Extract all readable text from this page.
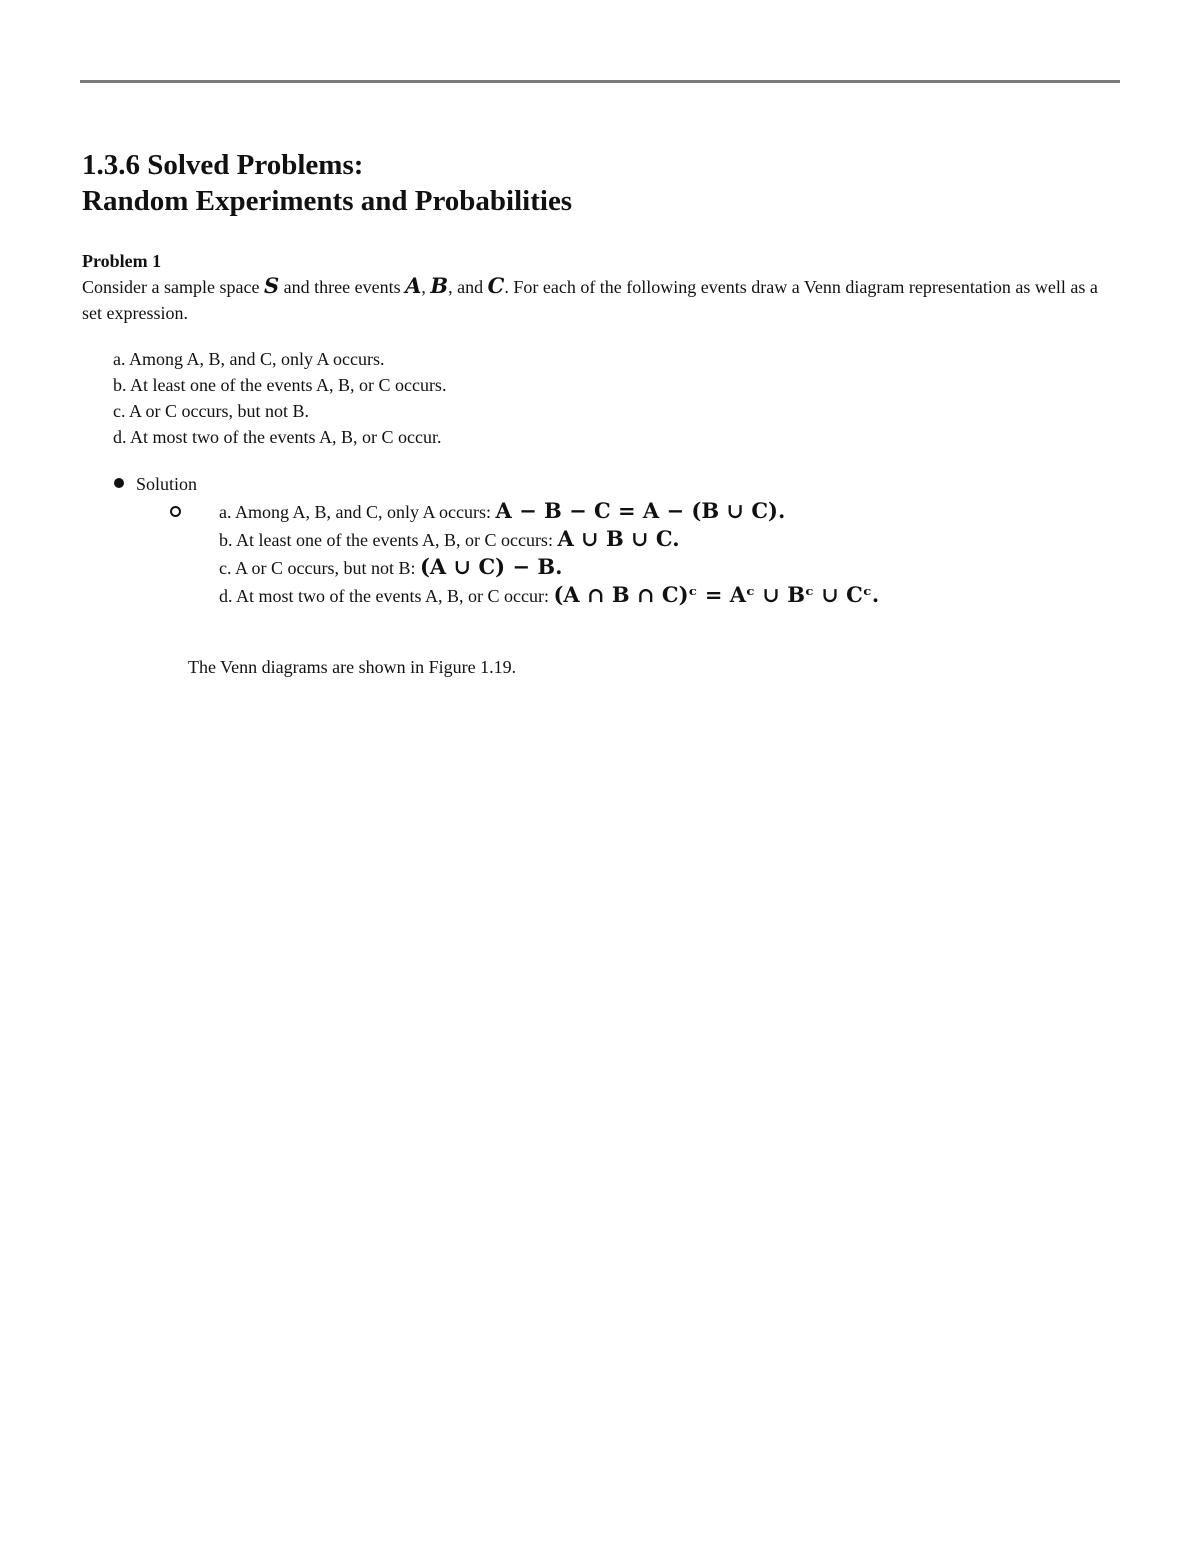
1.3.6 Solved Problems:
Random Experiments and Probabilities
Problem 1

Consider a sample space S and three events A, B, and C. For each of the following events draw a Venn diagram representation as well as a set expression.

a. Among A, B, and C, only A occurs.
b. At least one of the events A, B, or C occurs.
c. A or C occurs, but not B.
d. At most two of the events A, B, or C occur.
Solution
a. Among A, B, and C, only A occurs: A − B − C = A − (B ∪ C).
b. At least one of the events A, B, or C occurs: A ∪ B ∪ C.
c. A or C occurs, but not B: (A ∪ C) − B.
d. At most two of the events A, B, or C occur: (A ∩ B ∩ C)ᶜ = Aᶜ ∪ Bᶜ ∪ Cᶜ.

The Venn diagrams are shown in Figure 1.19.
